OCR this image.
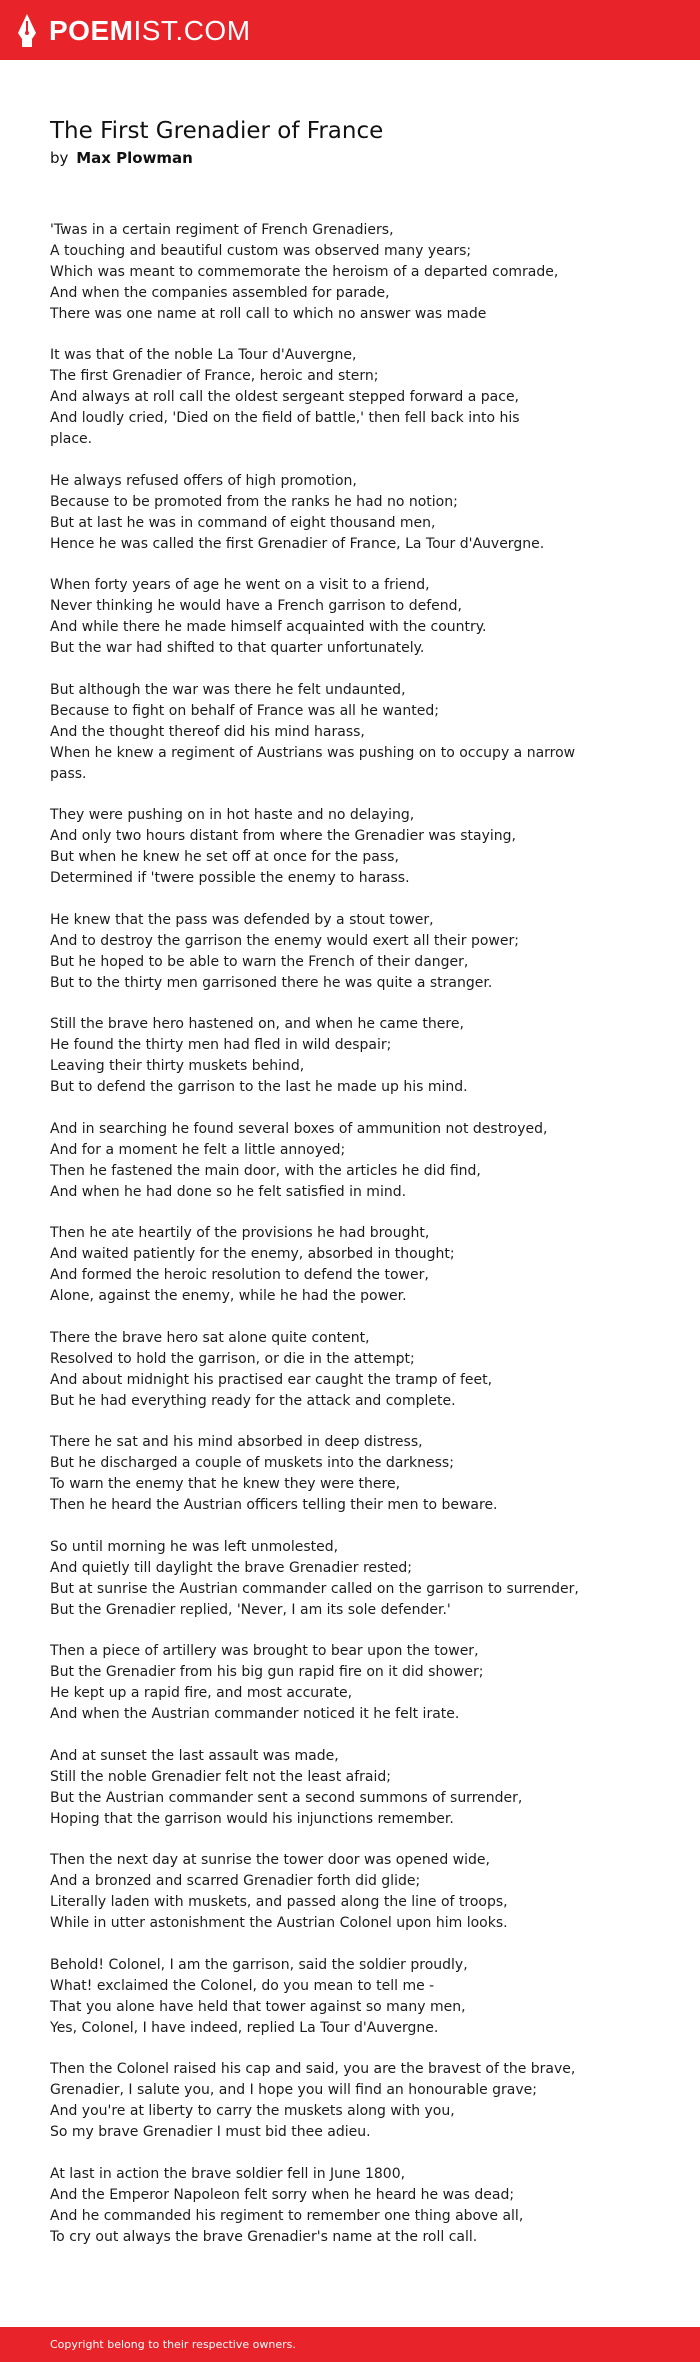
POEMIST.COM
The First Grenadier of France
by Max Plowman
'Twas in a certain regiment of French Grenadiers,
A touching and beautiful custom was observed many years;
Which was meant to commemorate the heroism of a departed comrade,
And when the companies assembled for parade,
There was one name at roll call to which no answer was made
It was that of the noble La Tour d'Auvergne,
The first Grenadier of France, heroic and stern;
And always at roll call the oldest sergeant stepped forward a pace,
And loudly cried, 'Died on the field of battle,' then fell back into his
place.
He always refused offers of high promotion,
Because to be promoted from the ranks he had no notion;
But at last he was in command of eight thousand men,
Hence he was called the first Grenadier of France, La Tour d'Auvergne.
When forty years of age he went on a visit to a friend,
Never thinking he would have a French garrison to defend,
And while there he made himself acquainted with the country.
But the war had shifted to that quarter unfortunately.
But although the war was there he felt undaunted,
Because to fight on behalf of France was all he wanted;
And the thought thereof did his mind harass,
When he knew a regiment of Austrians was pushing on to occupy a narrow
pass.
They were pushing on in hot haste and no delaying,
And only two hours distant from where the Grenadier was staying,
But when he knew he set off at once for the pass,
Determined if 'twere possible the enemy to harass.
He knew that the pass was defended by a stout tower,
And to destroy the garrison the enemy would exert all their power;
But he hoped to be able to warn the French of their danger,
But to the thirty men garrisoned there he was quite a stranger.
Still the brave hero hastened on, and when he came there,
He found the thirty men had fled in wild despair;
Leaving their thirty muskets behind,
But to defend the garrison to the last he made up his mind.
And in searching he found several boxes of ammunition not destroyed,
And for a moment he felt a little annoyed;
Then he fastened the main door, with the articles he did find,
And when he had done so he felt satisfied in mind.
Then he ate heartily of the provisions he had brought,
And waited patiently for the enemy, absorbed in thought;
And formed the heroic resolution to defend the tower,
Alone, against the enemy, while he had the power.
There the brave hero sat alone quite content,
Resolved to hold the garrison, or die in the attempt;
And about midnight his practised ear caught the tramp of feet,
But he had everything ready for the attack and complete.
There he sat and his mind absorbed in deep distress,
But he discharged a couple of muskets into the darkness;
To warn the enemy that he knew they were there,
Then he heard the Austrian officers telling their men to beware.
So until morning he was left unmolested,
And quietly till daylight the brave Grenadier rested;
But at sunrise the Austrian commander called on the garrison to surrender,
But the Grenadier replied, 'Never, I am its sole defender.'
Then a piece of artillery was brought to bear upon the tower,
But the Grenadier from his big gun rapid fire on it did shower;
He kept up a rapid fire, and most accurate,
And when the Austrian commander noticed it he felt irate.
And at sunset the last assault was made,
Still the noble Grenadier felt not the least afraid;
But the Austrian commander sent a second summons of surrender,
Hoping that the garrison would his injunctions remember.
Then the next day at sunrise the tower door was opened wide,
And a bronzed and scarred Grenadier forth did glide;
Literally laden with muskets, and passed along the line of troops,
While in utter astonishment the Austrian Colonel upon him looks.
Behold! Colonel, I am the garrison, said the soldier proudly,
What! exclaimed the Colonel, do you mean to tell me -
That you alone have held that tower against so many men,
Yes, Colonel, I have indeed, replied La Tour d'Auvergne.
Then the Colonel raised his cap and said, you are the bravest of the brave,
Grenadier, I salute you, and I hope you will find an honourable grave;
And you're at liberty to carry the muskets along with you,
So my brave Grenadier I must bid thee adieu.
At last in action the brave soldier fell in June 1800,
And the Emperor Napoleon felt sorry when he heard he was dead;
And he commanded his regiment to remember one thing above all,
To cry out always the brave Grenadier's name at the roll call.
Copyright belong to their respective owners.
